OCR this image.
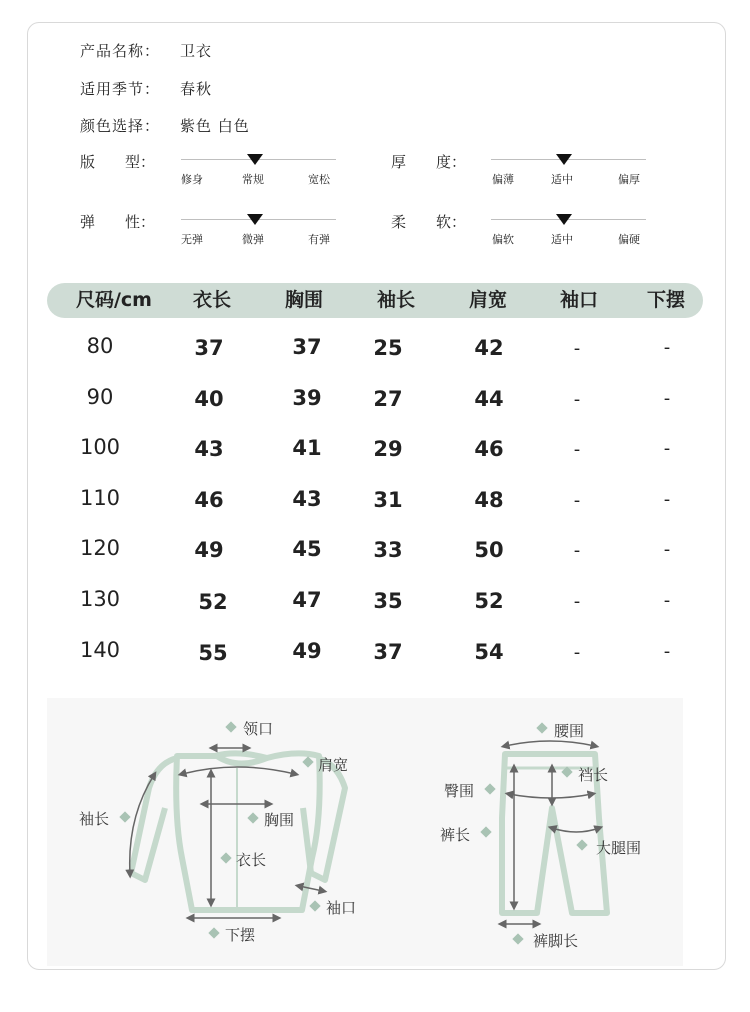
产品名称： 卫衣
适用季节： 春秋
颜色选择： 紫色 白色
版　　型：
修身	常规	宽松
厚　　度：
偏薄	适中	偏厚
弹　　性：
无弹	微弹	有弹
柔　　软：
偏软	适中	偏硬
尺码/cm	衣长	胸围	袖长	肩宽	袖口	下摆
80	37	37	25	42	-	-
90	40	39	27	44	-	-
100	43	41	29	46	-	-
110	46	43	31	48	-	-
120	49	45	33	50	-	-
130	52	47	35	52	-	-
140	55	49	37	54	-	-
领口
肩宽
袖长	胸围
衣长
袖口
下摆
腰围
臀围
裆长
裤长
大腿围
裤脚长
